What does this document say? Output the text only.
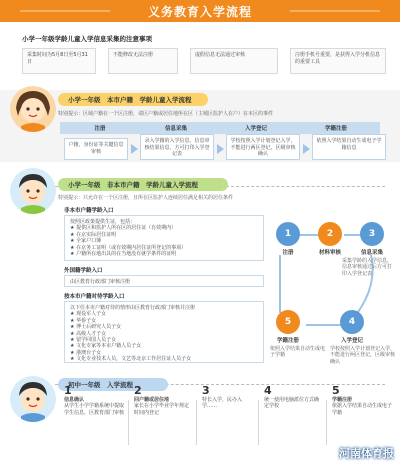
义务教育入学流程
小学一年级学龄儿童入学信息采集的注意事项
采集时间为5月8日至5月31日
不能修改无法注册	虚假信息无法通过审核	注册手机号重要，是获得入学分机信息的重要工具
小学一年级　本市户籍　学龄儿童入学流程
特别提示：区域户籍在一个区注册，请区户籍或居住地所在区（主城区监护人在户）在本区的事件
注册	信息采集	入学登记	学籍注册
户籍，身份证等关键信息审核
录入学籍的入学信息，信息审核结果信息，方可打印入学登记表
学校按照入学计划登记入学，不能进行两区登记，区级审核确认
依照入学结果自动生成电子学籍信息
小学一年级　非本市户籍　学龄儿童入学流程
特别提示：只允许在一个区注册，且所在区监护人连续居住满足相关的居住条件
非本市户籍学龄入口
按照区政策提供生证，包括：
★ 提供区和监护人所在区的居住证（有效期内）
★ 在京实际居住证明
★ 全家户口簿
★ 在京务工证明（或有效期内居住证所登记的事项）
★ 户籍所在地出具的在当地没有就学条件的证明
外国籍学龄入口
由区教育行政部门审核注册
按本市户籍对待学龄入口
以下任本市户籍对待的情形由区教育行政部门审核并注册
★ 现役军人子女
★ 华侨子女
★ 博士后研究人员子女
★ 高级人才子女
★ 留学回国人员子女
★ 文化专家等本市户籍人员子女
★ 港澳台子女
★ 文化专业技术人员，文艺等北京工作居住证人员子女
1
注册
2
材料审核
3
信息采集
采集学龄的入学信息，信息审核通过后方可打印入学登记表
4
入学登记
5
学籍注册
依照入学结果自动生成电子学籍
学校按照入学计划登记入学，不能进行两区登记，区级审核确认
初中一年级　入学流程
1
信息确认
从学生小学学籍系统中提取学生信息，区教育部门审核
2
回户籍或居住地
家长在小学毕业学年规定时间内登记
3
特长入学，民办入学……
4
统一使用电脑派位方式确定学校
5
学籍注册
依据入学结果自动生成电子学籍
河南体育报
